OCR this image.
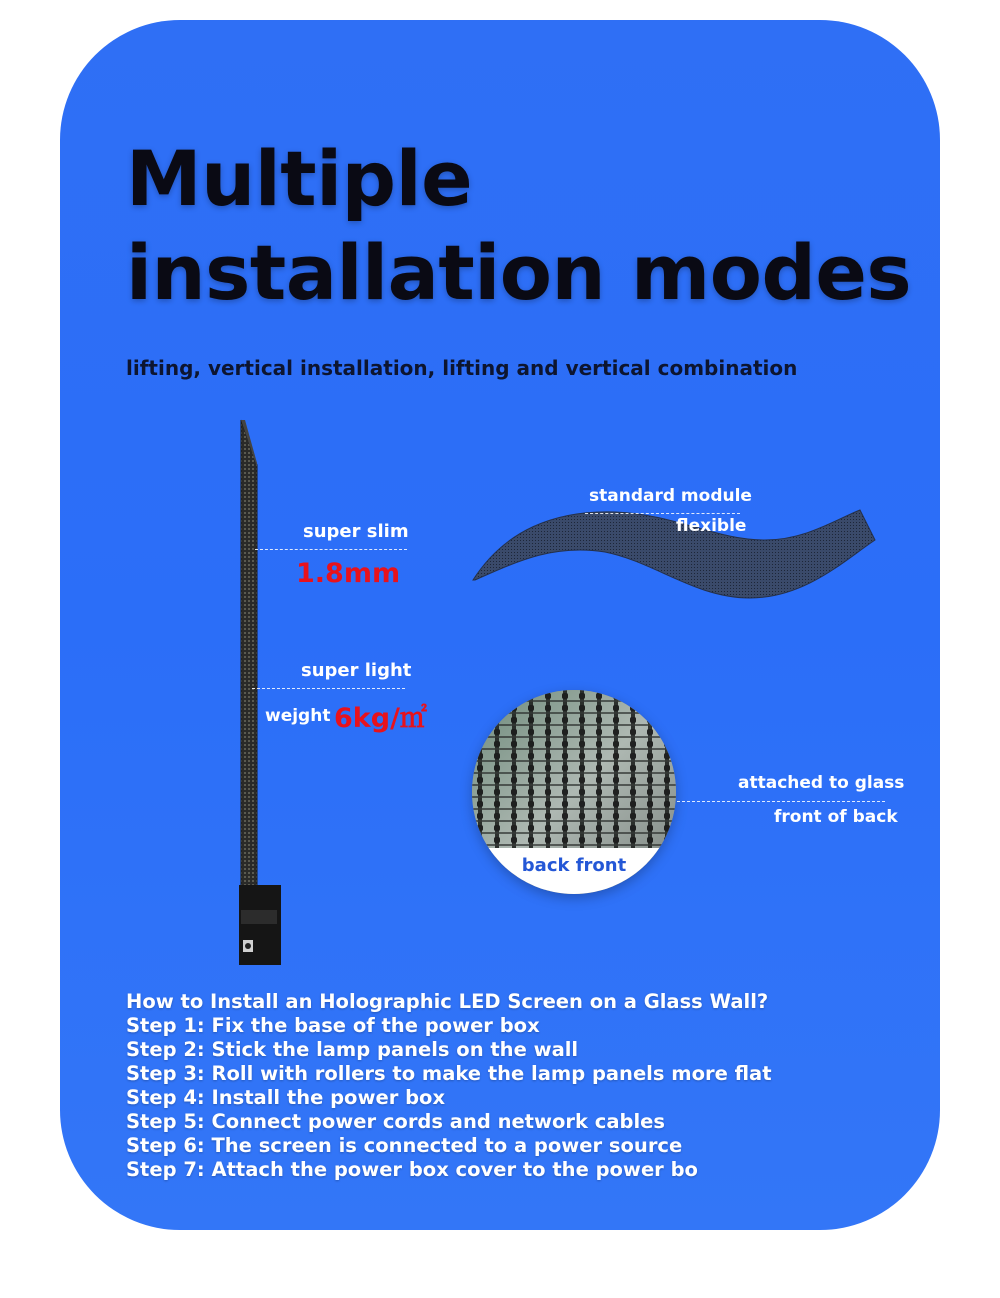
Multiple
installation modes
lifting, vertical installation, lifting and vertical combination
super slim
1.8mm
super light
wejght 6kg/㎡
standard module
flexible
back front
attached to glass
front of back
How to Install an Holographic LED Screen on a Glass Wall?
Step 1: Fix the base of the power box
Step 2: Stick the lamp panels on the wall
Step 3: Roll with rollers to make the lamp panels more flat
Step 4: Install the power box
Step 5: Connect power cords and network cables
Step 6: The screen is connected to a power source
Step 7: Attach the power box cover to the power bo
